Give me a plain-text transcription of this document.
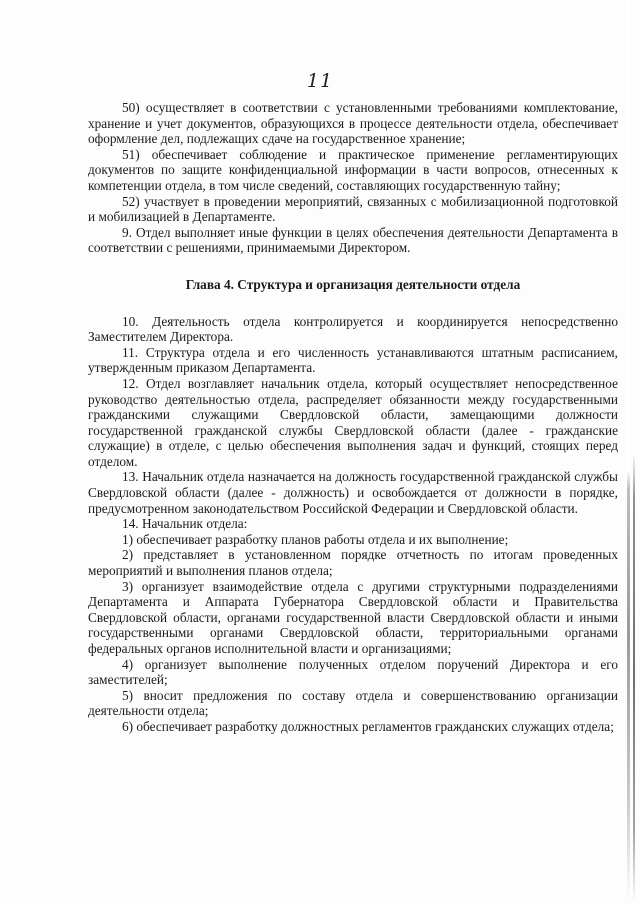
11

50) осуществляет в соответствии с установленными требованиями комплектование, хранение и учет документов, образующихся в процессе деятельности отдела, обеспечивает оформление дел, подлежащих сдаче на государственное хранение;

51) обеспечивает соблюдение и практическое применение регламентирующих документов по защите конфиденциальной информации в части вопросов, отнесенных к компетенции отдела, в том числе сведений, составляющих государственную тайну;

52) участвует в проведении мероприятий, связанных с мобилизационной подготовкой и мобилизацией в Департаменте.

9. Отдел выполняет иные функции в целях обеспечения деятельности Департамента в соответствии с решениями, принимаемыми Директором.

Глава 4. Структура и организация деятельности отдела

10. Деятельность отдела контролируется и координируется непосредственно Заместителем Директора.

11. Структура отдела и его численность устанавливаются штатным расписанием, утвержденным приказом Департамента.

12. Отдел возглавляет начальник отдела, который осуществляет непосредственное руководство деятельностью отдела, распределяет обязанности между государственными гражданскими служащими Свердловской области, замещающими должности государственной гражданской службы Свердловской области (далее - гражданские служащие) в отделе, с целью обеспечения выполнения задач и функций, стоящих перед отделом.

13. Начальник отдела назначается на должность государственной гражданской службы Свердловской области (далее - должность) и освобождается от должности в порядке, предусмотренном законодательством Российской Федерации и Свердловской области.

14. Начальник отдела:

1) обеспечивает разработку планов работы отдела и их выполнение;

2) представляет в установленном порядке отчетность по итогам проведенных мероприятий и выполнения планов отдела;

3) организует взаимодействие отдела с другими структурными подразделениями Департамента и Аппарата Губернатора Свердловской области и Правительства Свердловской области, органами государственной власти Свердловской области и иными государственными органами Свердловской области, территориальными органами федеральных органов исполнительной власти и организациями;

4) организует выполнение полученных отделом поручений Директора и его заместителей;

5) вносит предложения по составу отдела и совершенствованию организации деятельности отдела;

6) обеспечивает разработку должностных регламентов гражданских служащих отдела;
